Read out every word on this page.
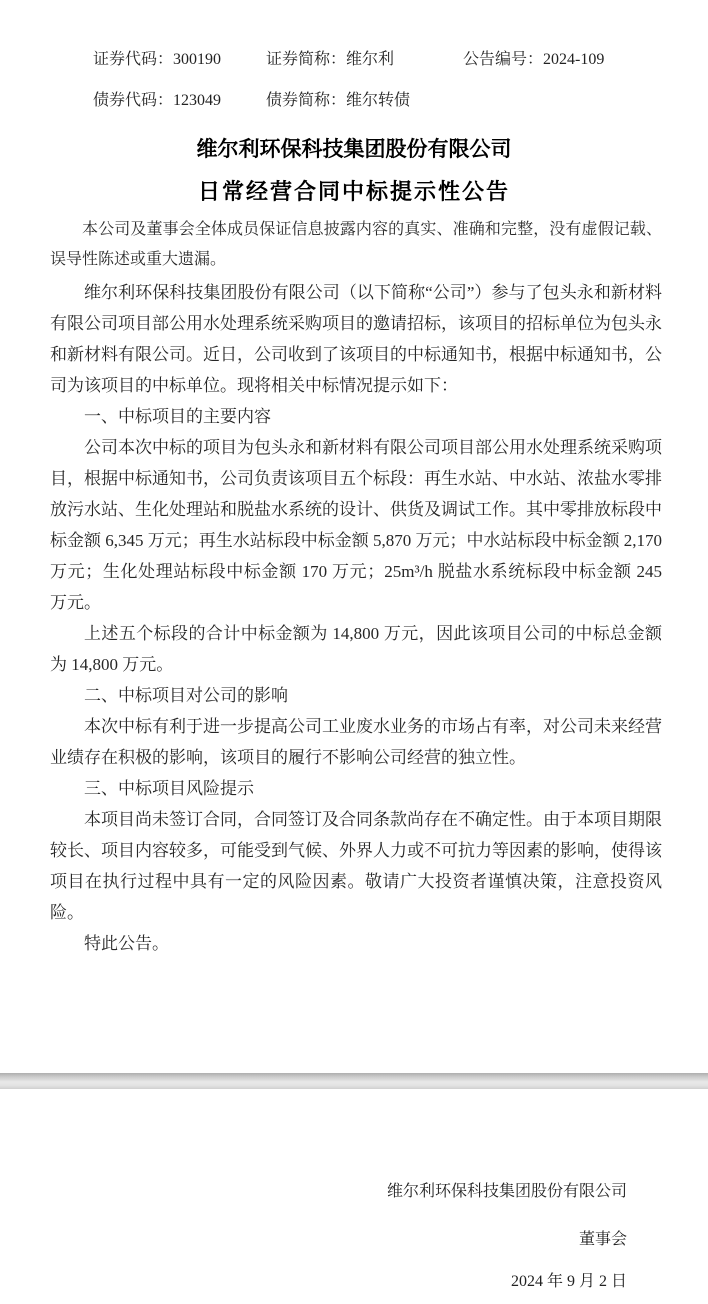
证券代码：300190	证券简称：维尔利	公告编号：2024-109
债券代码：123049	债券简称：维尔转债
维尔利环保科技集团股份有限公司
日常经营合同中标提示性公告
本公司及董事会全体成员保证信息披露内容的真实、准确和完整，没有虚假记载、误导性陈述或重大遗漏。

维尔利环保科技集团股份有限公司（以下简称“公司”）参与了包头永和新材料有限公司项目部公用水处理系统采购项目的邀请招标，该项目的招标单位为包头永和新材料有限公司。近日，公司收到了该项目的中标通知书，根据中标通知书，公司为该项目的中标单位。现将相关中标情况提示如下：

一、中标项目的主要内容

公司本次中标的项目为包头永和新材料有限公司项目部公用水处理系统采购项目，根据中标通知书，公司负责该项目五个标段：再生水站、中水站、浓盐水零排放污水站、生化处理站和脱盐水系统的设计、供货及调试工作。其中零排放标段中标金额 6,345 万元；再生水站标段中标金额 5,870 万元；中水站标段中标金额 2,170 万元；生化处理站标段中标金额 170 万元；25m³/h 脱盐水系统标段中标金额 245 万元。

上述五个标段的合计中标金额为 14,800 万元，因此该项目公司的中标总金额为 14,800 万元。

二、中标项目对公司的影响

本次中标有利于进一步提高公司工业废水业务的市场占有率，对公司未来经营业绩存在积极的影响，该项目的履行不影响公司经营的独立性。

三、中标项目风险提示

本项目尚未签订合同，合同签订及合同条款尚存在不确定性。由于本项目期限较长、项目内容较多，可能受到气候、外界人力或不可抗力等因素的影响，使得该项目在执行过程中具有一定的风险因素。敬请广大投资者谨慎决策，注意投资风险。

特此公告。

维尔利环保科技集团股份有限公司
董事会
2024 年 9 月 2 日
